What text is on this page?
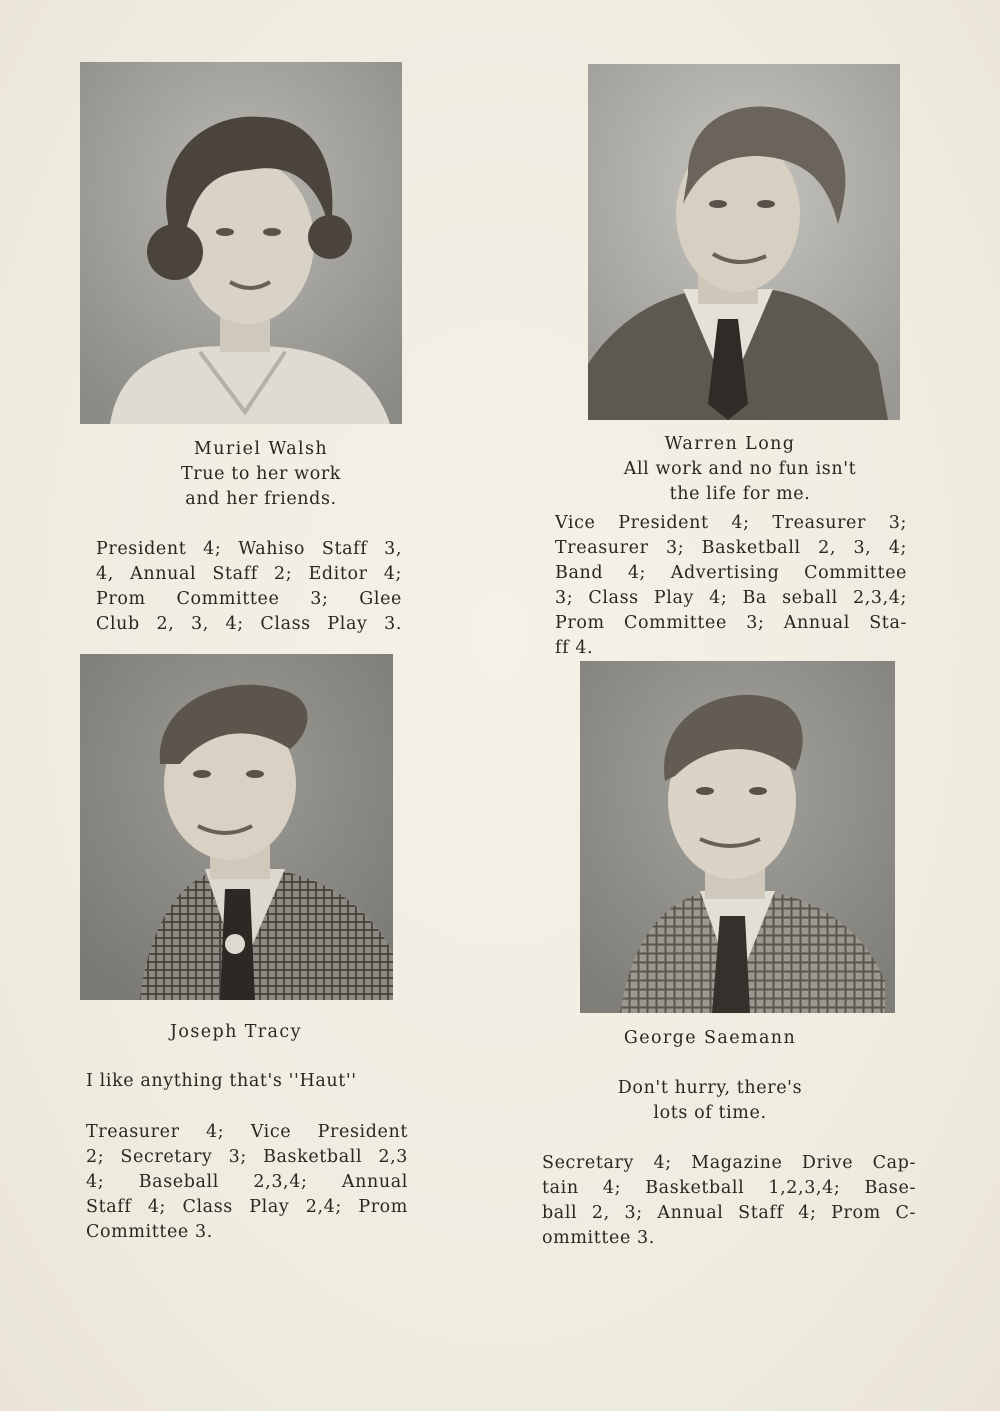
Muriel Walsh
True to her work
and her friends.
President 4; Wahiso Staff 3,
4, Annual Staff 2; Editor 4;
Prom Committee 3; Glee
Club 2, 3, 4; Class Play 3.
Warren Long
All work and no fun isn't
the life for me.
Vice President 4; Treasurer 3;
Treasurer 3; Basketball 2, 3, 4;
Band 4; Advertising Committee
3; Class Play 4; Ba seball 2,3,4;
Prom Committee 3; Annual Sta-
ff 4.
Joseph Tracy
I like anything that's ''Haut''
Treasurer 4; Vice President
2; Secretary 3; Basketball 2,3
4; Baseball 2,3,4; Annual
Staff 4; Class Play 2,4; Prom
Committee 3.
George Saemann
Don't hurry, there's
lots of time.
Secretary 4; Magazine Drive Cap-
tain 4; Basketball 1,2,3,4; Base-
ball 2, 3; Annual Staff 4; Prom C-
ommittee 3.
